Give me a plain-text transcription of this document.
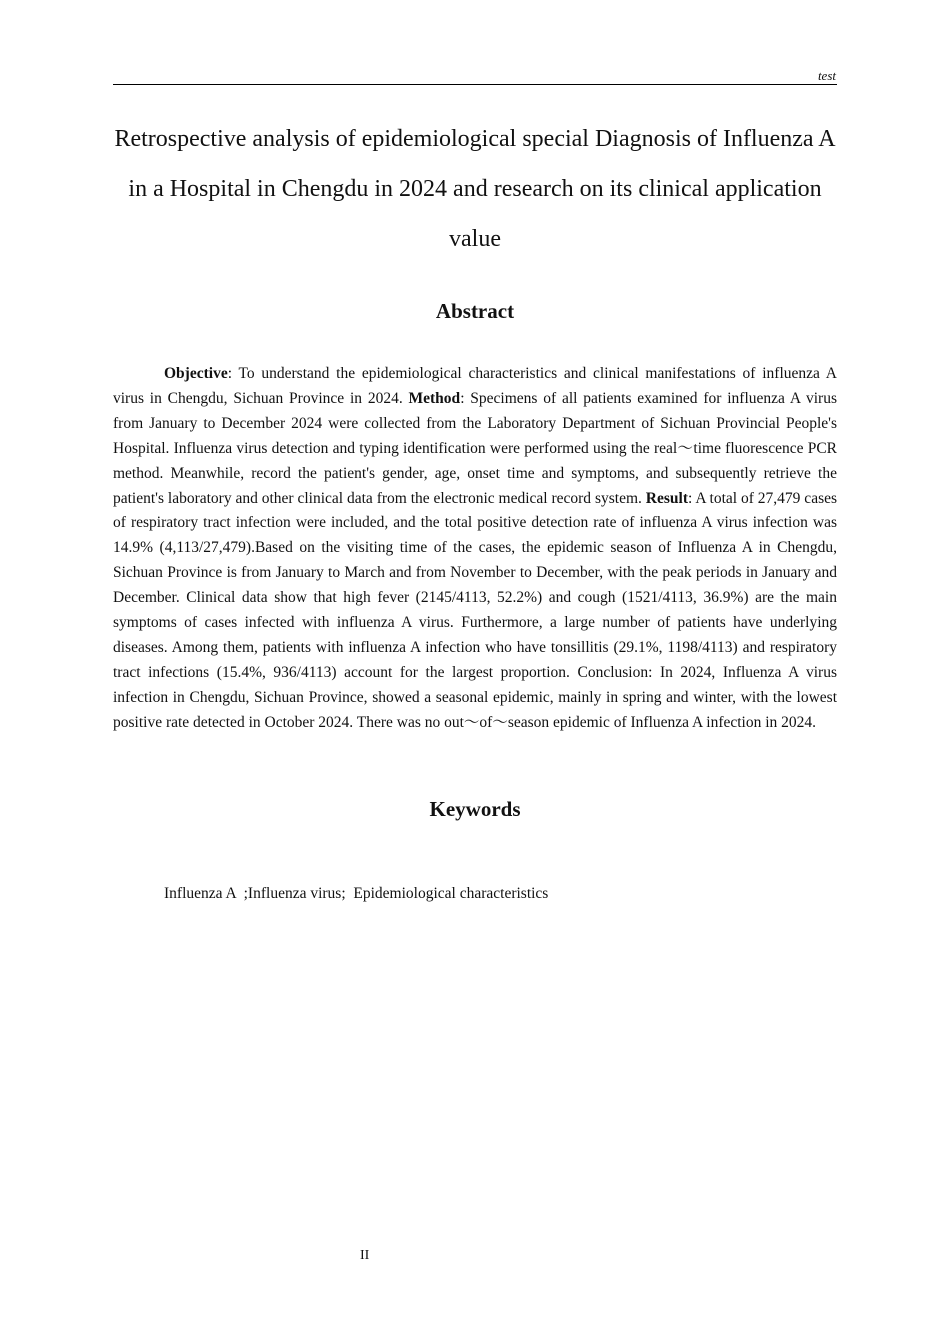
test
Retrospective analysis of epidemiological special Diagnosis of Influenza A in a Hospital in Chengdu in 2024 and research on its clinical application value
Abstract

Objective: To understand the epidemiological characteristics and clinical manifestations of influenza A virus in Chengdu, Sichuan Province in 2024. Method: Specimens of all patients examined for influenza A virus from January to December 2024 were collected from the Laboratory Department of Sichuan Provincial People's Hospital. Influenza virus detection and typing identification were performed using the real～time fluorescence PCR method. Meanwhile, record the patient's gender, age, onset time and symptoms, and subsequently retrieve the patient's laboratory and other clinical data from the electronic medical record system. Result: A total of 27,479 cases of respiratory tract infection were included, and the total positive detection rate of influenza A virus infection was 14.9% (4,113/27,479).Based on the visiting time of the cases, the epidemic season of Influenza A in Chengdu, Sichuan Province is from January to March and from November to December, with the peak periods in January and December. Clinical data show that high fever (2145/4113, 52.2%) and cough (1521/4113, 36.9%) are the main symptoms of cases infected with influenza A virus. Furthermore, a large number of patients have underlying diseases. Among them, patients with influenza A infection who have tonsillitis (29.1%, 1198/4113) and respiratory tract infections (15.4%, 936/4113) account for the largest proportion. Conclusion: In 2024, Influenza A virus infection in Chengdu, Sichuan Province, showed a seasonal epidemic, mainly in spring and winter, with the lowest positive rate detected in October 2024. There was no out～of～season epidemic of Influenza A infection in 2024.

Keywords
Influenza A  ;Influenza virus;  Epidemiological characteristics
II
